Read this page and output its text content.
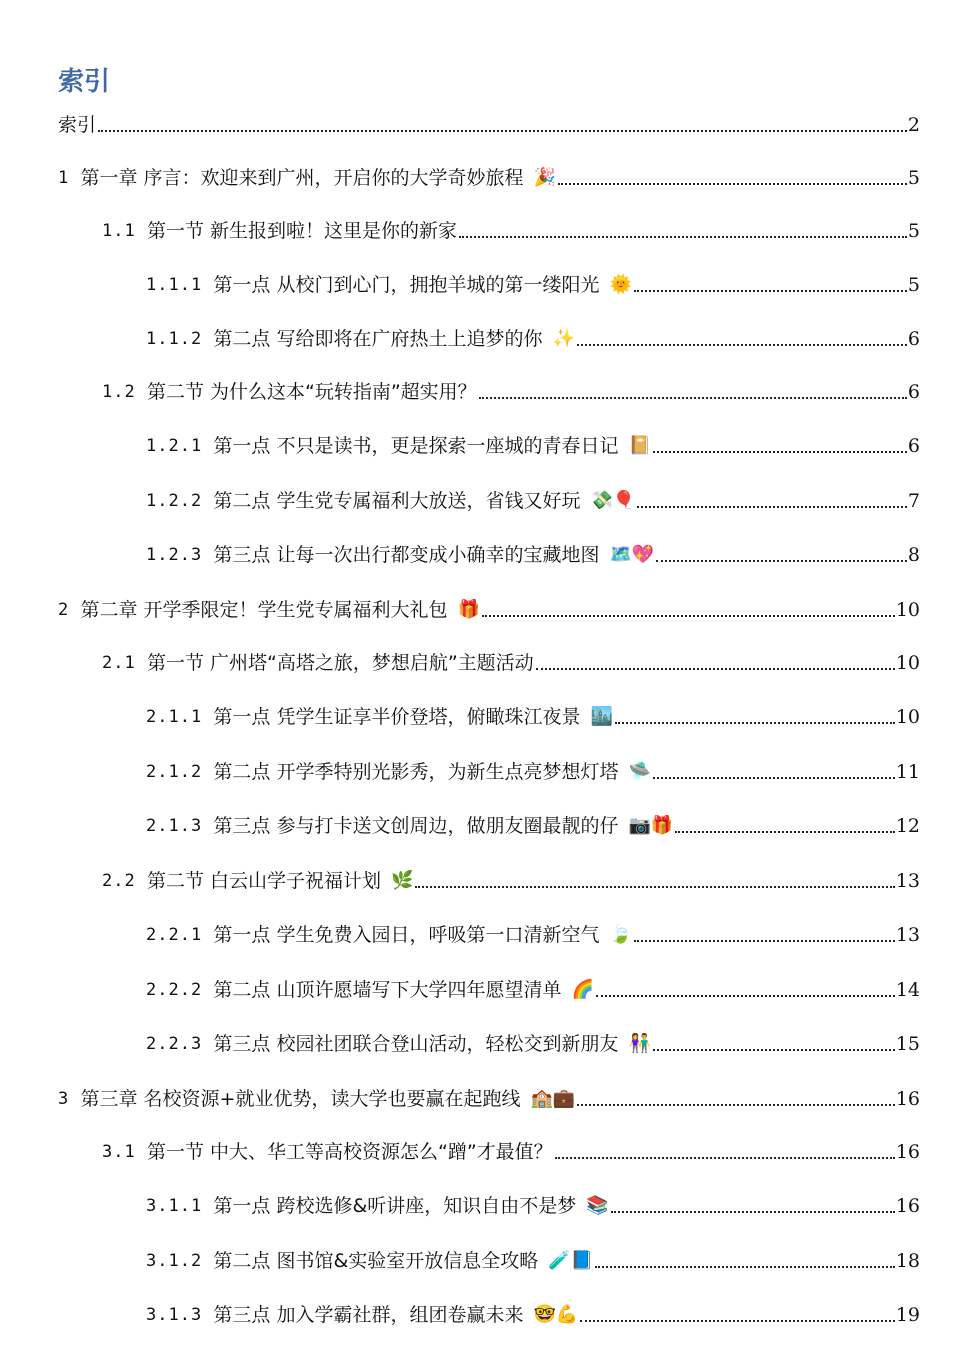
索引
索引	2
1 第一章 序言：欢迎来到广州，开启你的大学奇妙旅程 🎉	5
1.1 第一节 新生报到啦！这里是你的新家	5
1.1.1 第一点 从校门到心门，拥抱羊城的第一缕阳光 🌞	5
1.1.2 第二点 写给即将在广府热土上追梦的你 ✨	6
1.2 第二节 为什么这本“玩转指南”超实用？	6
1.2.1 第一点 不只是读书，更是探索一座城的青春日记 📔	6
1.2.2 第二点 学生党专属福利大放送，省钱又好玩 💸🎈	7
1.2.3 第三点 让每一次出行都变成小确幸的宝藏地图 🗺️💖	8
2 第二章 开学季限定！学生党专属福利大礼包 🎁	10
2.1 第一节 广州塔“高塔之旅，梦想启航”主题活动	10
2.1.1 第一点 凭学生证享半价登塔，俯瞰珠江夜景 🏙️	10
2.1.2 第二点 开学季特别光影秀，为新生点亮梦想灯塔 🛸	11
2.1.3 第三点 参与打卡送文创周边，做朋友圈最靓的仔 📷🎁	12
2.2 第二节 白云山学子祝福计划 🌿	13
2.2.1 第一点 学生免费入园日，呼吸第一口清新空气 🍃	13
2.2.2 第二点 山顶许愿墙写下大学四年愿望清单 🌈	14
2.2.3 第三点 校园社团联合登山活动，轻松交到新朋友 👫	15
3 第三章 名校资源+就业优势，读大学也要赢在起跑线 🏫💼	16
3.1 第一节 中大、华工等高校资源怎么“蹭”才最值？	16
3.1.1 第一点 跨校选修&听讲座，知识自由不是梦 📚	16
3.1.2 第二点 图书馆&实验室开放信息全攻略 🧪📘	18
3.1.3 第三点 加入学霸社群，组团卷赢未来 🤓💪	19
